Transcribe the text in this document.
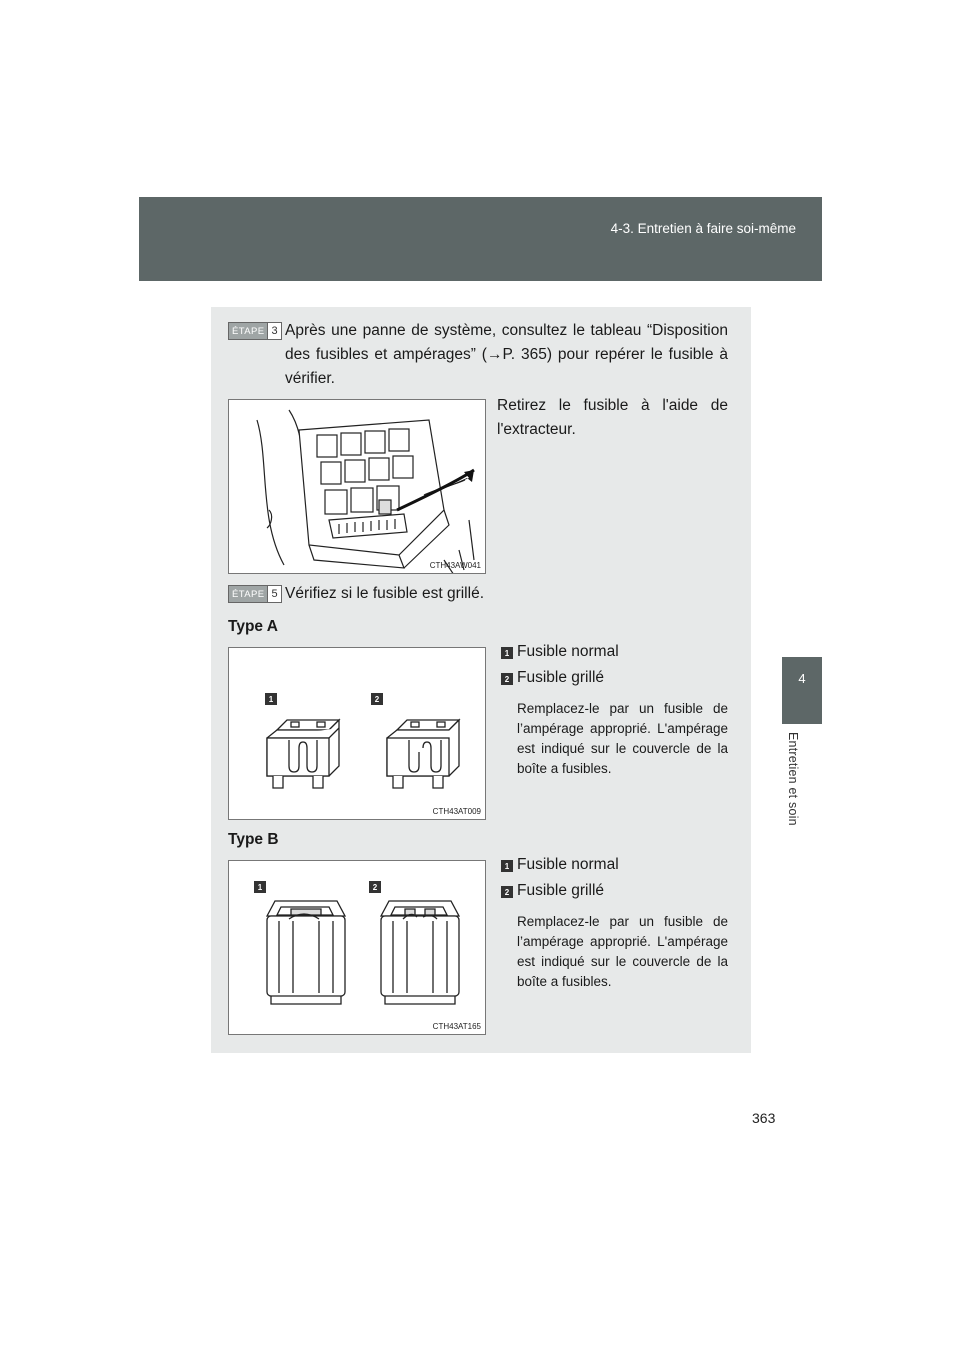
4-3. Entretien à faire soi-même
4
Entretien et soin
ÉTAPE 3 Après une panne de système, consultez le tableau “Disposition des fusibles et ampérages” (→P. 365) pour repérer le fusible à vérifier.
Retirez le fusible à l'aide de l'extracteur.
CTH43AW041
ÉTAPE 5 Vérifiez si le fusible est grillé.
Type A
1	2
CTH43AT009
1 Fusible normal
2 Fusible grillé
Remplacez-le par un fusible de l’ampérage approprié. L'ampérage est indiqué sur le couvercle de la boîte a fusibles.
Type B
1	2
CTH43AT165
1 Fusible normal
2 Fusible grillé
Remplacez-le par un fusible de l’ampérage approprié. L'ampérage est indiqué sur le couvercle de la boîte a fusibles.
363
